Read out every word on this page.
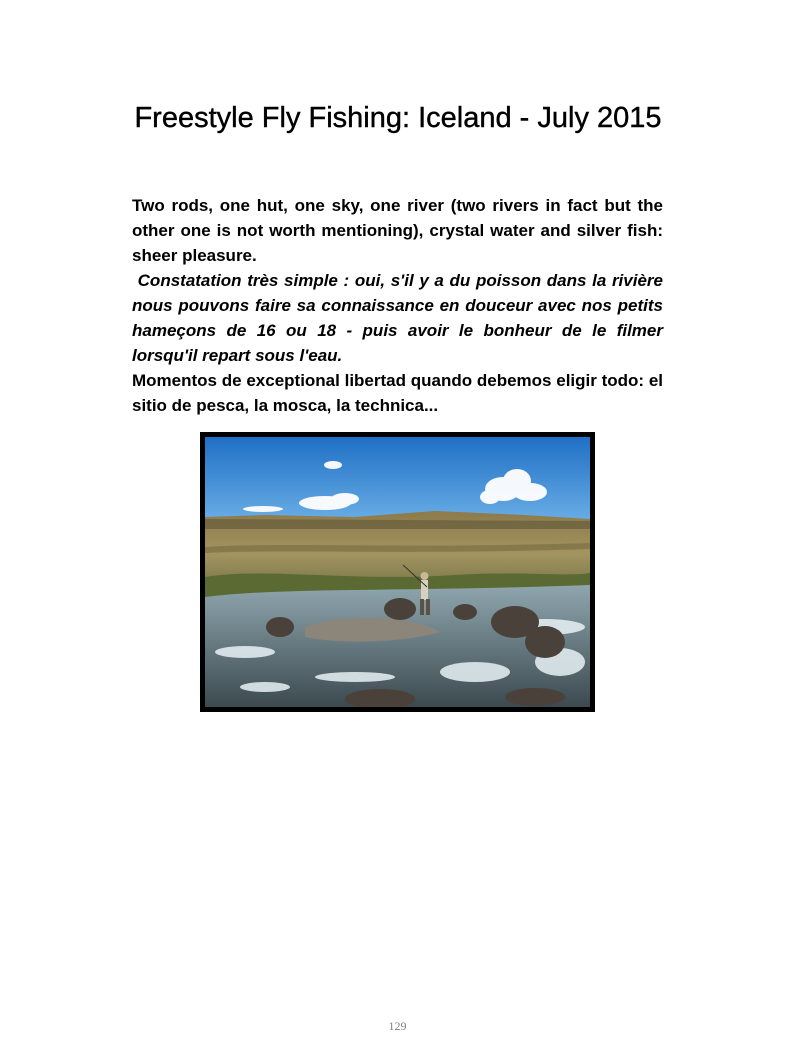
Freestyle Fly Fishing: Iceland - July 2015

Two rods, one hut, one sky, one river (two rivers in fact but the other one is not worth mentioning), crystal water and silver fish: sheer pleasure.

Constatation très simple : oui, s'il y a du poisson dans la rivière nous pouvons faire sa connaissance en douceur avec nos petits hameçons de 16 ou 18 - puis avoir le bonheur de le filmer lorsqu'il repart sous l'eau.

Momentos de exceptional libertad quando debemos eligir todo: el sitio de pesca, la mosca, la technica...

129
